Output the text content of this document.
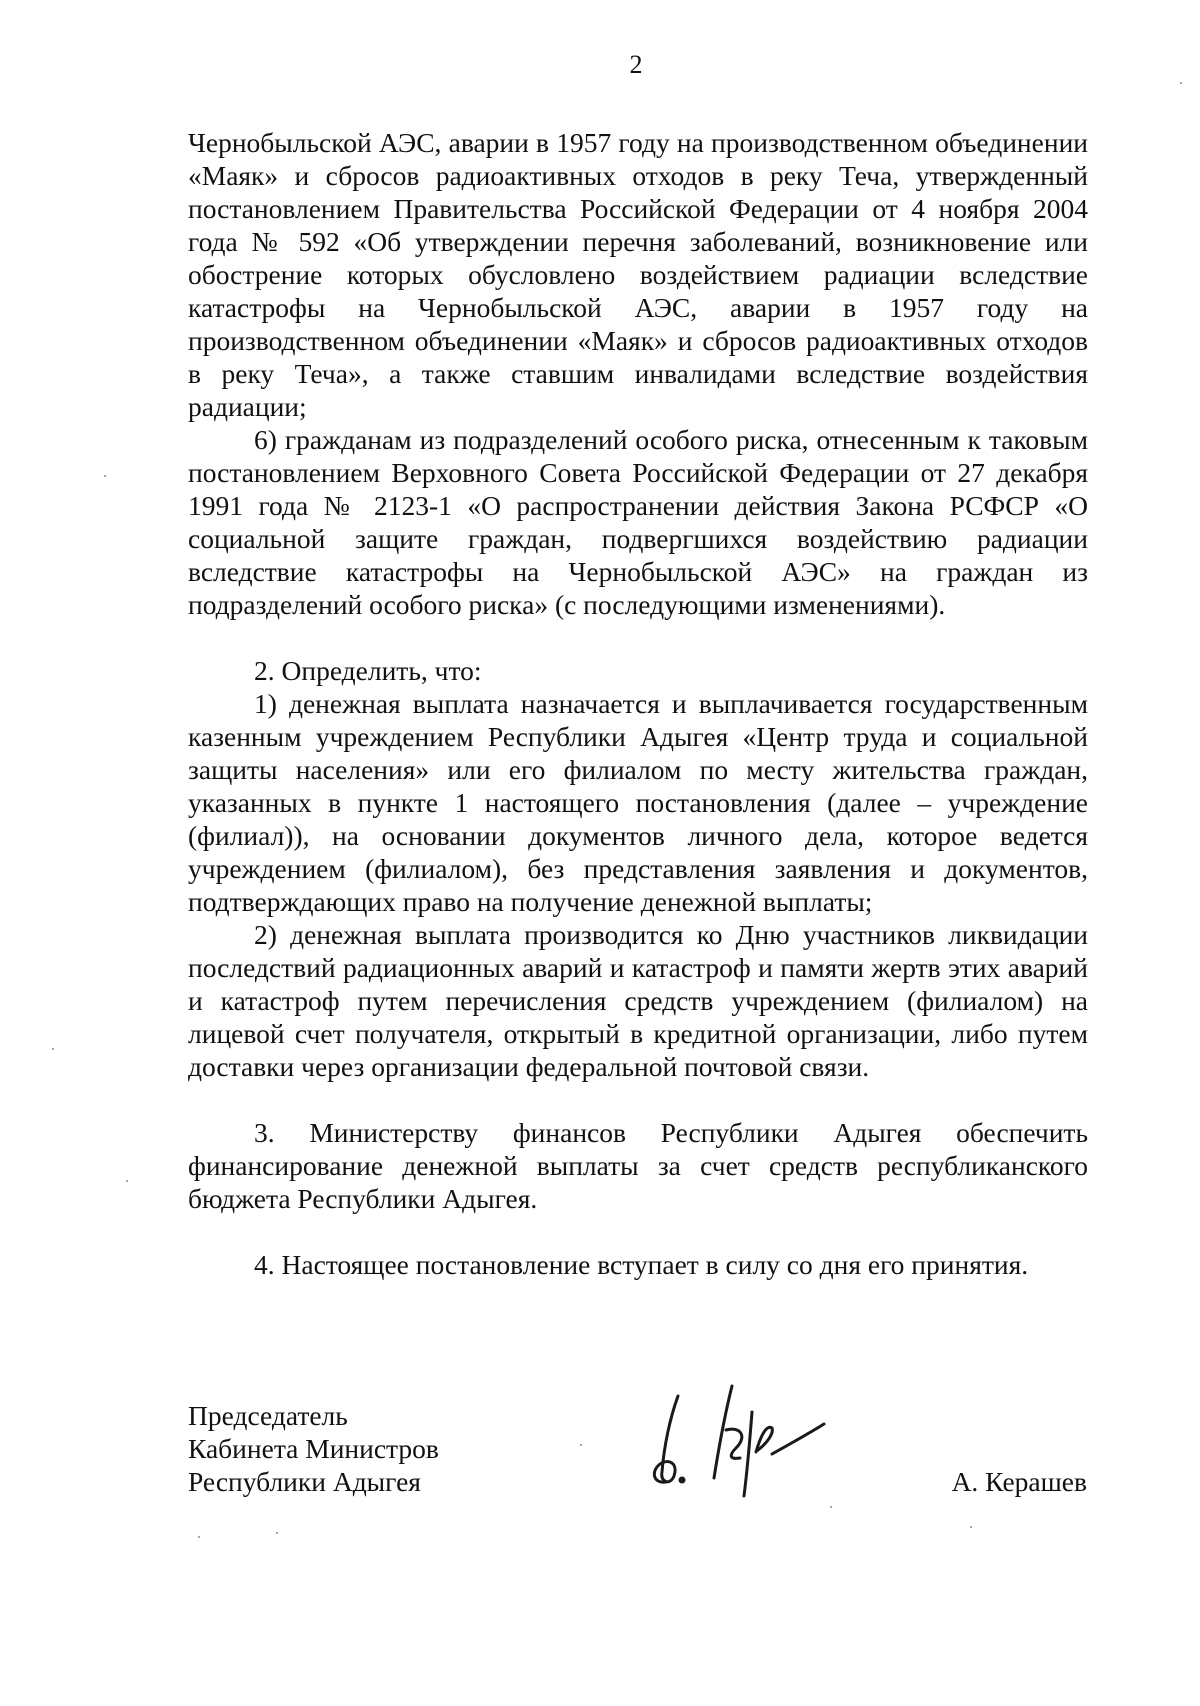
2

Чернобыльской АЭС, аварии в 1957 году на производственном объединении «Маяк» и сбросов радиоактивных отходов в реку Теча, утвержденный постановлением Правительства Российской Федерации от 4 ноября 2004 года № 592 «Об утверждении перечня заболеваний, возникновение или обострение которых обусловлено воздействием радиации вследствие катастрофы на Чернобыльской АЭС, аварии в 1957 году на производственном объединении «Маяк» и сбросов радиоактивных отходов в реку Теча», а также ставшим инвалидами вследствие воздействия радиации;

6) гражданам из подразделений особого риска, отнесенным к таковым постановлением Верховного Совета Российской Федерации от 27 декабря 1991 года № 2123-1 «О распространении действия Закона РСФСР «О социальной защите граждан, подвергшихся воздействию радиации вследствие катастрофы на Чернобыльской АЭС» на граждан из подразделений особого риска» (с последующими изменениями).

2. Определить, что:

1) денежная выплата назначается и выплачивается государственным казенным учреждением Республики Адыгея «Центр труда и социальной защиты населения» или его филиалом по месту жительства граждан, указанных в пункте 1 настоящего постановления (далее – учреждение (филиал)), на основании документов личного дела, которое ведется учреждением (филиалом), без представления заявления и документов, подтверждающих право на получение денежной выплаты;

2) денежная выплата производится ко Дню участников ликвидации последствий радиационных аварий и катастроф и памяти жертв этих аварий и катастроф путем перечисления средств учреждением (филиалом) на лицевой счет получателя, открытый в кредитной организации, либо путем доставки через организации федеральной почтовой связи.

3. Министерству финансов Республики Адыгея обеспечить финансирование денежной выплаты за счет средств республиканского бюджета Республики Адыгея.

4. Настоящее постановление вступает в силу со дня его принятия.

Председатель
Кабинета Министров
Республики Адыгея	А. Керашев
